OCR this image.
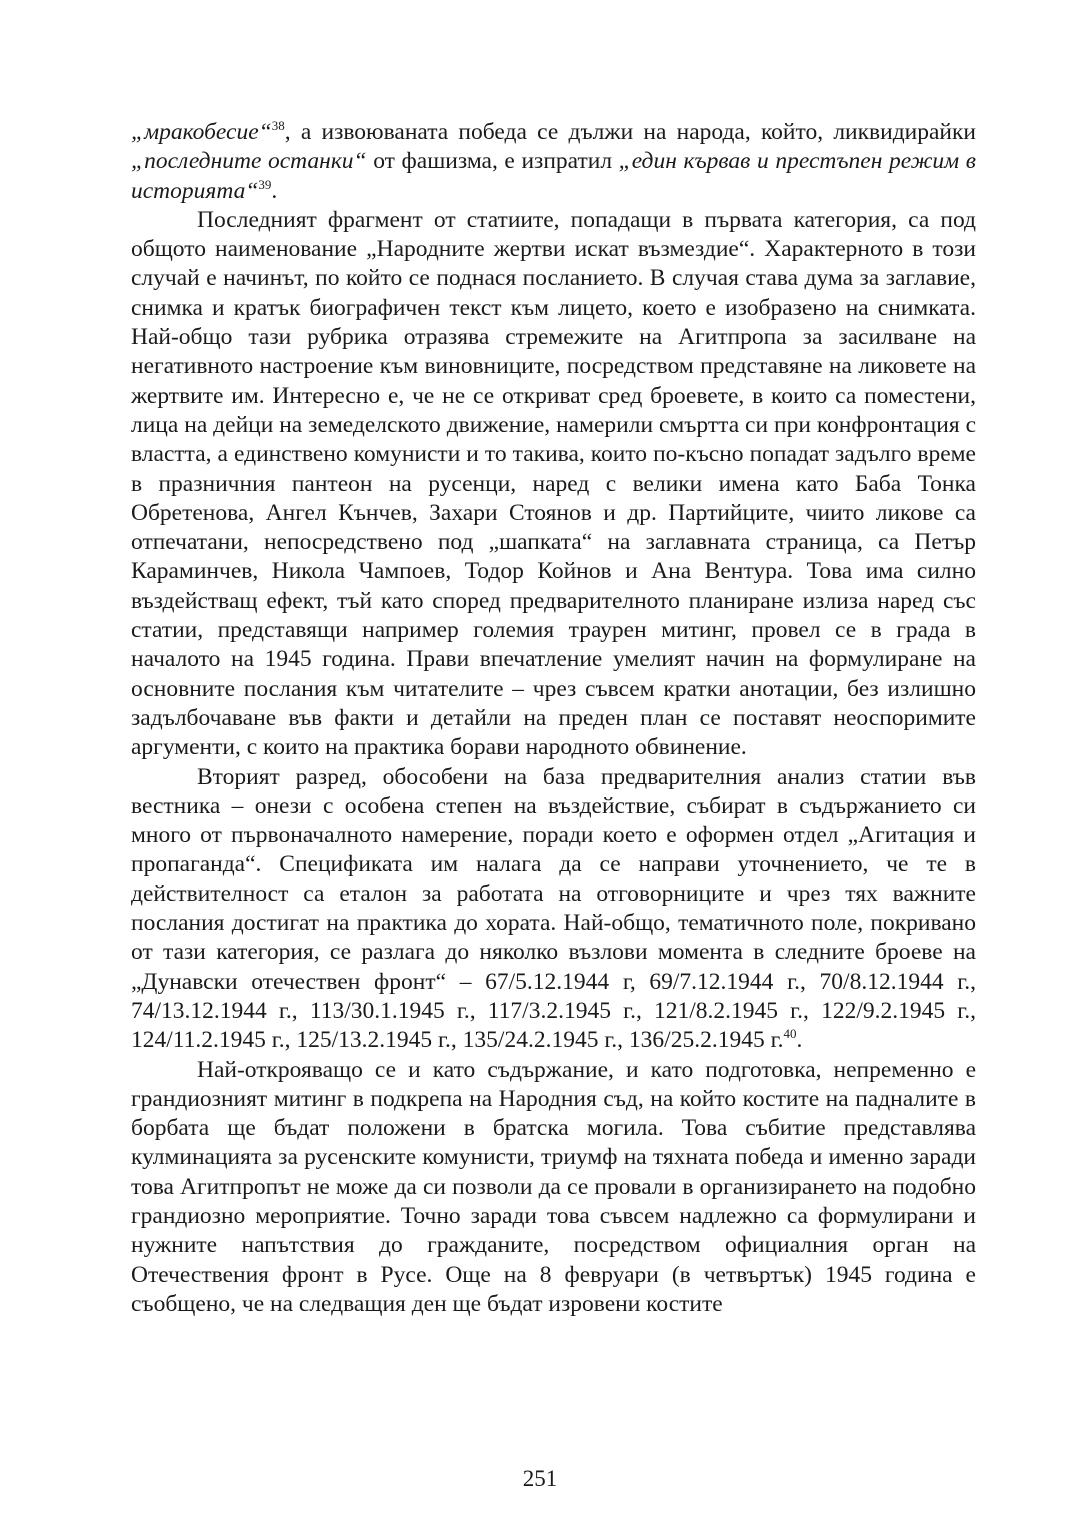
„мракобесие“$^{38}$, а извоюваната победа се дължи на народа, който, ликвидирайки „последните останки“ от фашизма, е изпратил „един кървав и престъпен режим в историята“$^{39}$.

Последният фрагмент от статиите, попадащи в първата категория, са под общото наименование „Народните жертви искат възмездие“. Характерното в този случай е начинът, по който се поднася посланието. В случая става дума за заглавие, снимка и кратък биографичен текст към лицето, което е изобразено на снимката. Най-общо тази рубрика отразява стремежите на Агитпропа за засилване на негативното настроение към виновниците, посредством представяне на ликовете на жертвите им. Интересно е, че не се откриват сред броевете, в които са поместени, лица на дейци на земеделското движение, намерили смъртта си при конфронтация с властта, а единствено комунисти и то такива, които по-късно попадат задълго време в празничния пантеон на русенци, наред с велики имена като Баба Тонка Обретенова, Ангел Кънчев, Захари Стоянов и др. Партийците, чиито ликове са отпечатани, непосредствено под „шапката“ на заглавната страница, са Петър Караминчев, Никола Чампоев, Тодор Койнов и Ана Вентура. Това има силно въздействащ ефект, тъй като според предварителното планиране излиза наред със статии, представящи например големия траурен митинг, провел се в града в началото на 1945 година. Прави впечатление умелият начин на формулиране на основните послания към читателите – чрез съвсем кратки анотации, без излишно задълбочаване във факти и детайли на преден план се поставят неоспоримите аргументи, с които на практика борави народното обвинение.

Вторият разред, обособени на база предварителния анализ статии във вестника – онези с особена степен на въздействие, събират в съдържанието си много от първоначалното намерение, поради което е оформен отдел „Агитация и пропаганда“. Спецификата им налага да се направи уточнението, че те в действителност са еталон за работата на отговорниците и чрез тях важните послания достигат на практика до хората. Най-общо, тематичното поле, покривано от тази категория, се разлага до няколко възлови момента в следните броеве на „Дунавски отечествен фронт“ – 67/5.12.1944 г, 69/7.12.1944 г., 70/8.12.1944 г., 74/13.12.1944 г., 113/30.1.1945 г., 117/3.2.1945 г., 121/8.2.1945 г., 122/9.2.1945 г., 124/11.2.1945 г., 125/13.2.1945 г., 135/24.2.1945 г., 136/25.2.1945 г.$^{40}$.

Най-открояващо се и като съдържание, и като подготовка, непременно е грандиозният митинг в подкрепа на Народния съд, на който костите на падналите в борбата ще бъдат положени в братска могила. Това събитие представлява кулминацията за русенските комунисти, триумф на тяхната победа и именно заради това Агитпропът не може да си позволи да се провали в организирането на подобно грандиозно мероприятие. Точно заради това съвсем надлежно са формулирани и нужните напътствия до гражданите, посредством официалния орган на Отечествения фронт в Русе. Още на 8 февруари (в четвъртък) 1945 година е съобщено, че на следващия ден ще бъдат изровени костите

251
